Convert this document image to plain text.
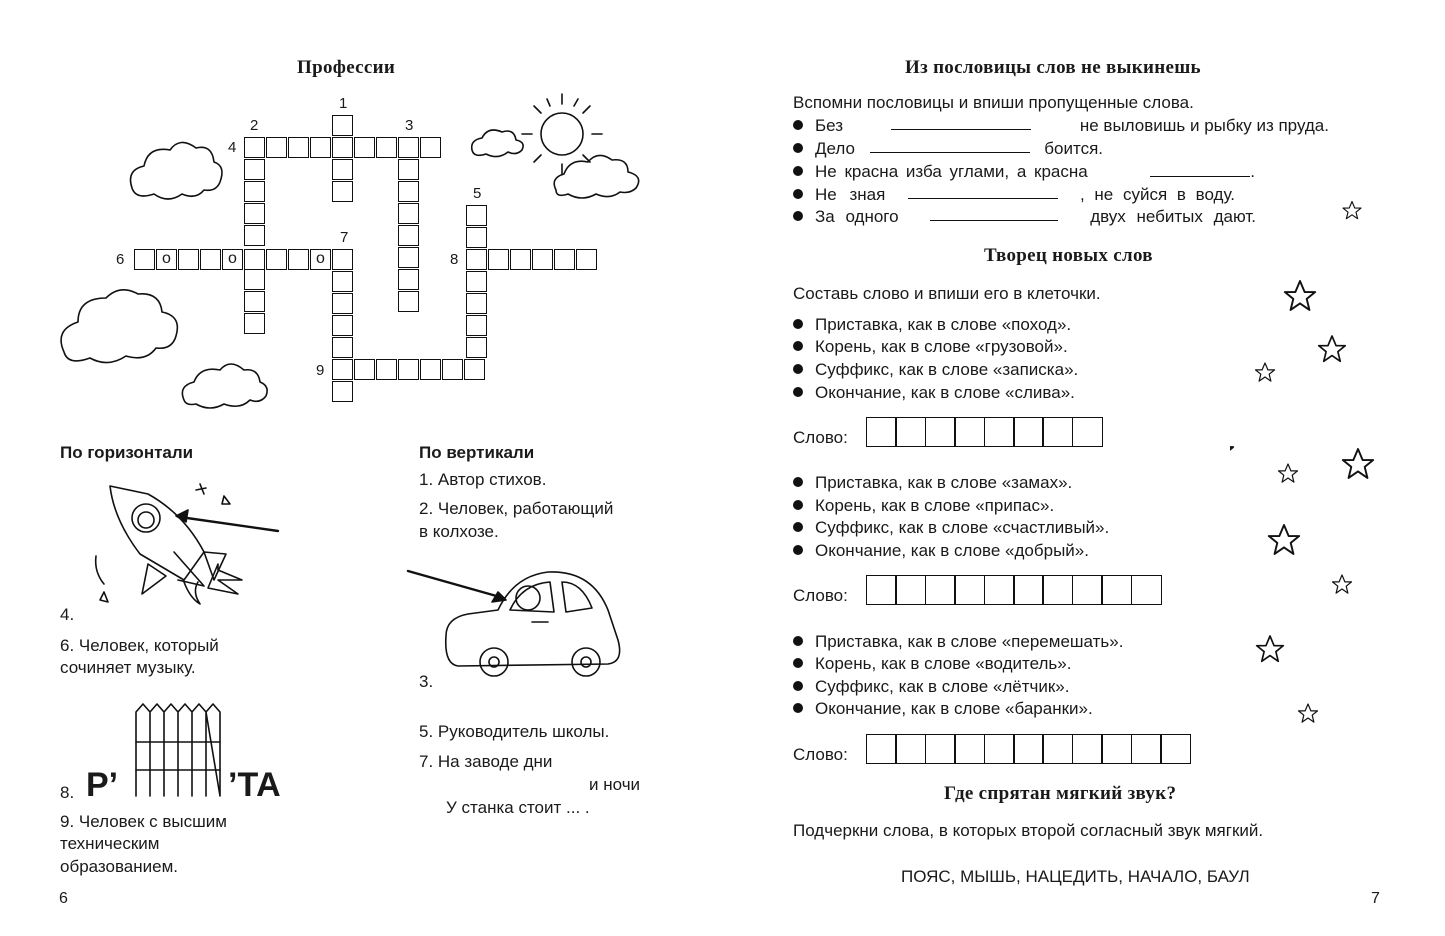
Профессии
о	о	о
1
2	3
4
5
6
7
8
9
По горизонтали
4.
6. Человек, который
сочиняет музыку.
8. Р’	’ТА
9. Человек с высшим
техническим
образованием.
По вертикали
1. Автор стихов.
2. Человек, работающий
в колхозе.
3.
5. Руководитель школы.
7. На заводе дни
и ночи
У станка стоит ... .
6
Из пословицы слов не выкинешь
Вспомни пословицы и впиши пропущенные слова.
Без	не выловишь и рыбку из пруда.
Дело	боится.
Не красна изба углами, а красна	.
Не зная	, не суйся в воду.
За одного	двух небитых дают.
Творец новых слов
Составь слово и впиши его в клеточки.
Приставка, как в слове «поход».
Корень, как в слове «грузовой».
Суффикс, как в слове «записка».
Окончание, как в слове «слива».
Слово:
Приставка, как в слове «замах».
Корень, как в слове «припас».
Суффикс, как в слове «счастливый».
Окончание, как в слове «добрый».
Слово:
Приставка, как в слове «перемешать».
Корень, как в слове «водитель».
Суффикс, как в слове «лётчик».
Окончание, как в слове «баранки».
Слово:
Где спрятан мягкий звук?
Подчеркни слова, в которых второй согласный звук мягкий.
ПОЯС, МЫШЬ, НАЦЕДИТЬ, НАЧАЛО, БАУЛ
7
